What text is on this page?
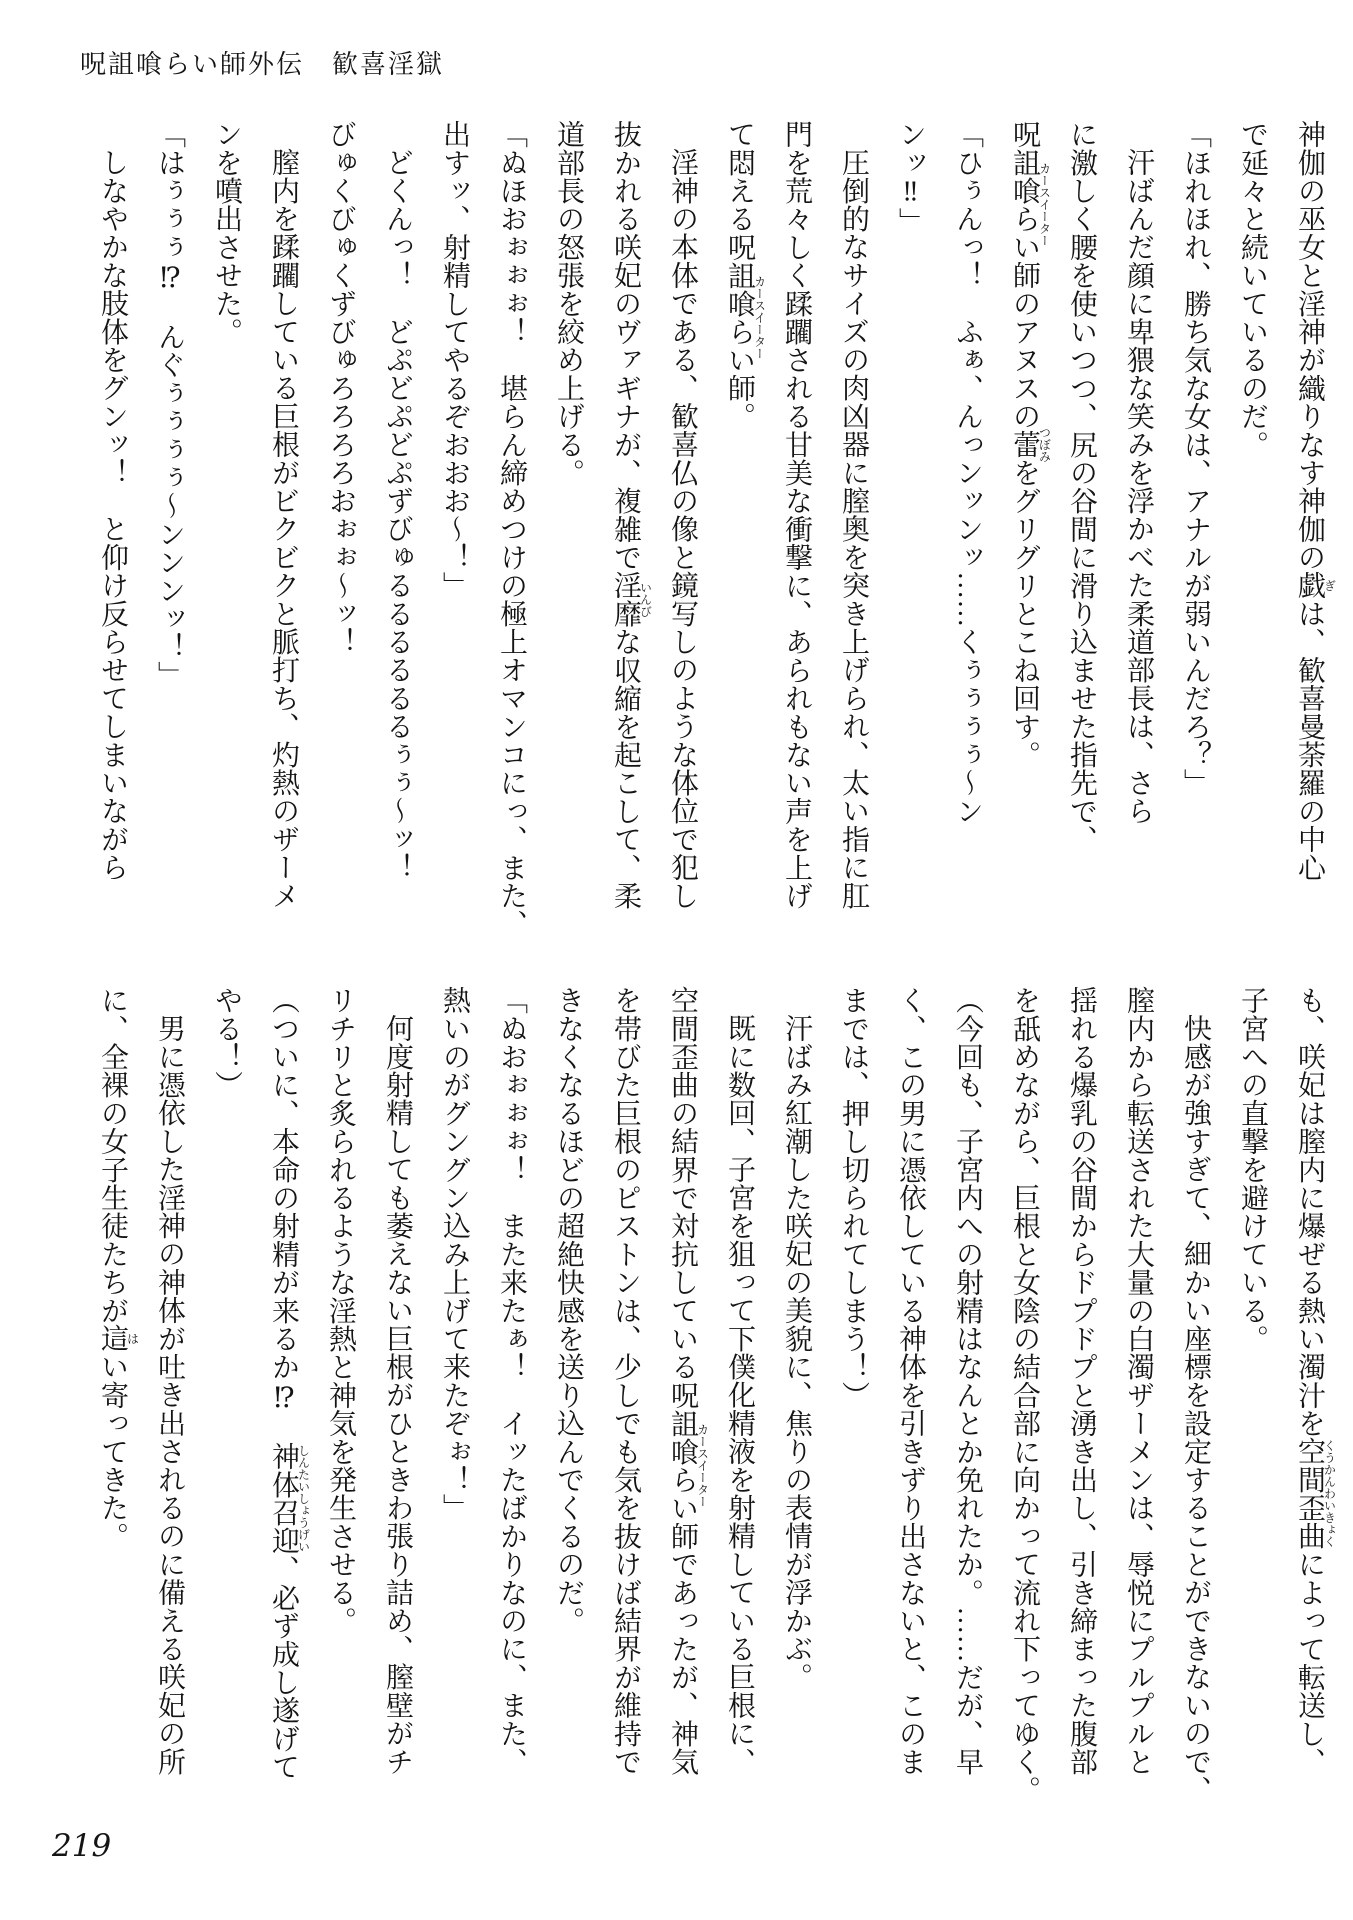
呪詛喰らい師外伝　歓喜淫獄
神伽の巫女と淫神が織りなす神伽の戯ぎは、歓喜曼荼羅の中心
で延々と続いているのだ。
「ほれほれ、勝ち気な女は、アナルが弱いんだろ？」
汗ばんだ顔に卑猥な笑みを浮かべた柔道部長は、さら
に激しく腰を使いつつ、尻の谷間に滑り込ませた指先で、
呪詛喰らい師カースイーターのアヌスの蕾つぼみをグリグリとこね回す。
「ひぅんっ！　ふぁ、んっンッンッ……くぅぅぅぅ～ン
ンッ‼」
圧倒的なサイズの肉凶器に膣奥を突き上げられ、太い指に肛
門を荒々しく蹂躙される甘美な衝撃に、あられもない声を上げ
て悶える呪詛喰らい師カースイーター。
淫神の本体である、歓喜仏の像と鏡写しのような体位で犯し
抜かれる咲妃のヴァギナが、複雑で淫靡いんびな収縮を起こして、柔
道部長の怒張を絞め上げる。
「ぬほおぉぉぉ！　堪らん締めつけの極上オマンコにっ、また、
出すッ、射精してやるぞおおお～！」
どくんっ！　どぷどぷどぷずびゅるるるるるるぅぅ～ッ！
びゅくびゅくずびゅろろろろおぉぉ～ッ！
膣内を蹂躙している巨根がビクビクと脈打ち、灼熱のザーメ
ンを噴出させた。
「はぅぅぅ⁉　んぐぅぅぅぅ～ンンンッ！」
しなやかな肢体をグンッ！　と仰け反らせてしまいながら
も、咲妃は膣内に爆ぜる熱い濁汁を空間歪曲くうかんわいきょくによって転送し、
子宮への直撃を避けている。
快感が強すぎて、細かい座標を設定することができないので、
膣内から転送された大量の白濁ザーメンは、辱悦にプルプルと
揺れる爆乳の谷間からドプドプと湧き出し、引き締まった腹部
を舐めながら、巨根と女陰の結合部に向かって流れ下ってゆく。
（今回も、子宮内への射精はなんとか免れたか。……だが、早
く、この男に憑依している神体を引きずり出さないと、このま
までは、押し切られてしまう！）
汗ばみ紅潮した咲妃の美貌に、焦りの表情が浮かぶ。
既に数回、子宮を狙って下僕化精液を射精している巨根に、
空間歪曲の結界で対抗している呪詛喰らい師カースイーターであったが、神気
を帯びた巨根のピストンは、少しでも気を抜けば結界が維持で
きなくなるほどの超絶快感を送り込んでくるのだ。
「ぬおぉぉぉ！　また来たぁ！　イッたばかりなのに、また、
熱いのがグングン込み上げて来たぞぉ！」
何度射精しても萎えない巨根がひときわ張り詰め、膣壁がチ
リチリと炙られるような淫熱と神気を発生させる。
（ついに、本命の射精が来るか⁉　神体召迎しんたいしょうげい、必ず成し遂げて
やる！）
男に憑依した淫神の神体が吐き出されるのに備える咲妃の所
に、全裸の女子生徒たちが這はい寄ってきた。
219
